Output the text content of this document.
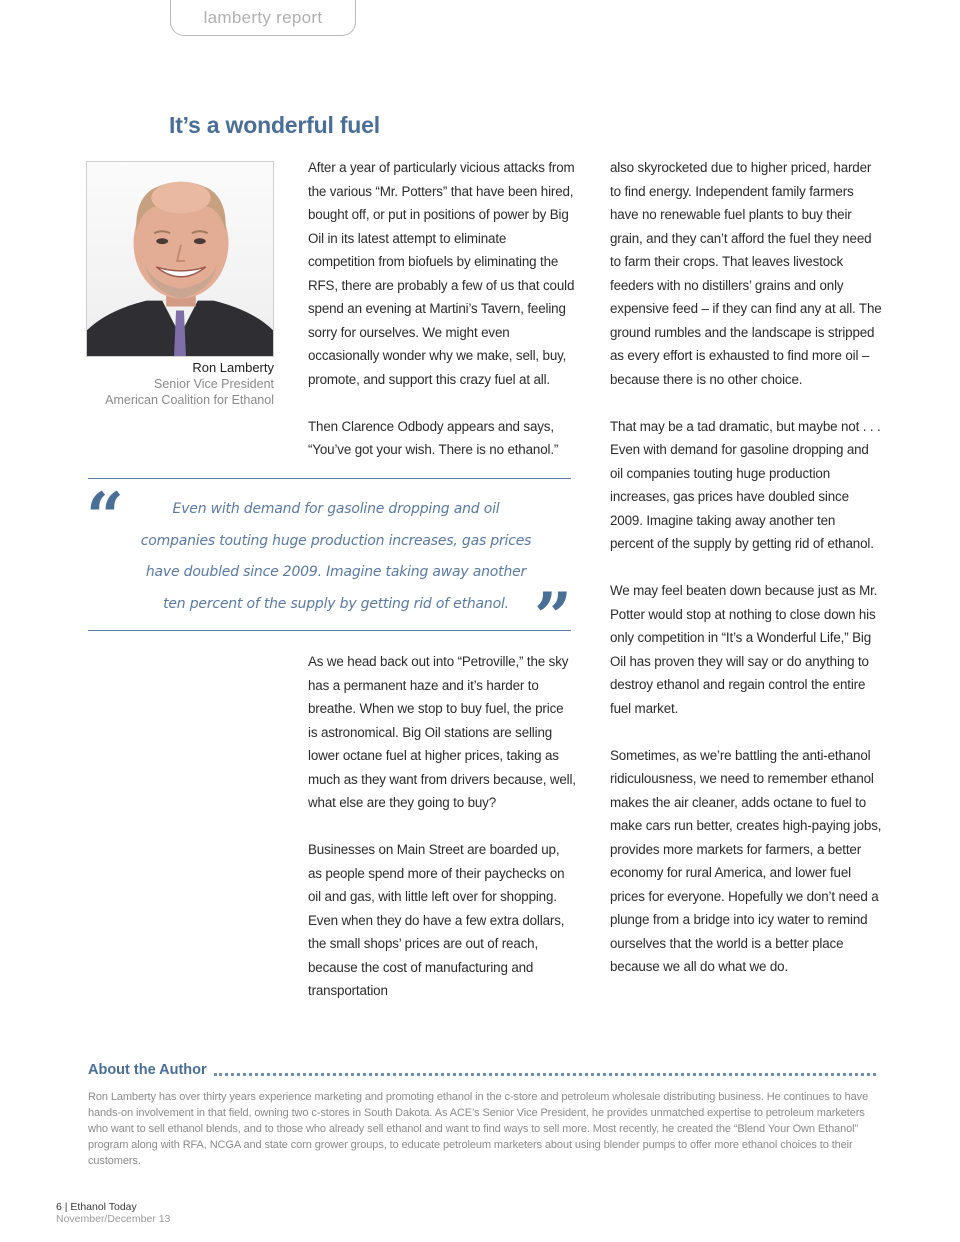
lamberty report
It’s a wonderful fuel
Ron Lamberty
Senior Vice President
American Coalition for Ethanol

After a year of particularly vicious attacks from the various “Mr. Potters” that have been hired, bought off, or put in positions of power by Big Oil in its latest attempt to eliminate competition from biofuels by eliminating the RFS, there are probably a few of us that could spend an evening at Martini’s Tavern, feeling sorry for ourselves. We might even occasionally wonder why we make, sell, buy, promote, and support this crazy fuel at all.

Then Clarence Odbody appears and says, “You’ve got your wish. There is no ethanol.”

“	Even with demand for gasoline dropping and oil companies touting huge production increases, gas prices have doubled since 2009. Imagine taking away another ten percent of the supply by getting rid of ethanol. ”

As we head back out into “Petroville,” the sky has a permanent haze and it’s harder to breathe. When we stop to buy fuel, the price is astronomical. Big Oil stations are selling lower octane fuel at higher prices, taking as much as they want from drivers because, well, what else are they going to buy?

Businesses on Main Street are boarded up, as people spend more of their paychecks on oil and gas, with little left over for shopping. Even when they do have a few extra dollars, the small shops’ prices are out of reach, because the cost of manufacturing and transportation

also skyrocketed due to higher priced, harder to find energy. Independent family farmers have no renewable fuel plants to buy their grain, and they can’t afford the fuel they need to farm their crops. That leaves livestock feeders with no distillers’ grains and only expensive feed – if they can find any at all. The ground rumbles and the landscape is stripped as every effort is exhausted to find more oil – because there is no other choice.

That may be a tad dramatic, but maybe not . . . Even with demand for gasoline dropping and oil companies touting huge production increases, gas prices have doubled since 2009. Imagine taking away another ten percent of the supply by getting rid of ethanol.

We may feel beaten down because just as Mr. Potter would stop at nothing to close down his only competition in “It’s a Wonderful Life,” Big Oil has proven they will say or do anything to destroy ethanol and regain control the entire fuel market.

Sometimes, as we’re battling the anti-ethanol ridiculousness, we need to remember ethanol makes the air cleaner, adds octane to fuel to make cars run better, creates high-paying jobs, provides more markets for farmers, a better economy for rural America, and lower fuel prices for everyone. Hopefully we don’t need a plunge from a bridge into icy water to remind ourselves that the world is a better place because we all do what we do.

About the Author

Ron Lamberty has over thirty years experience marketing and promoting ethanol in the c-store and petroleum wholesale distributing business. He continues to have hands-on involvement in that field, owning two c-stores in South Dakota. As ACE’s Senior Vice President, he provides unmatched expertise to petroleum marketers who want to sell ethanol blends, and to those who already sell ethanol and want to find ways to sell more. Most recently, he created the “Blend Your Own Ethanol” program along with RFA, NCGA and state corn grower groups, to educate petroleum marketers about using blender pumps to offer more ethanol choices to their customers.

6 | Ethanol Today
November/December 13
